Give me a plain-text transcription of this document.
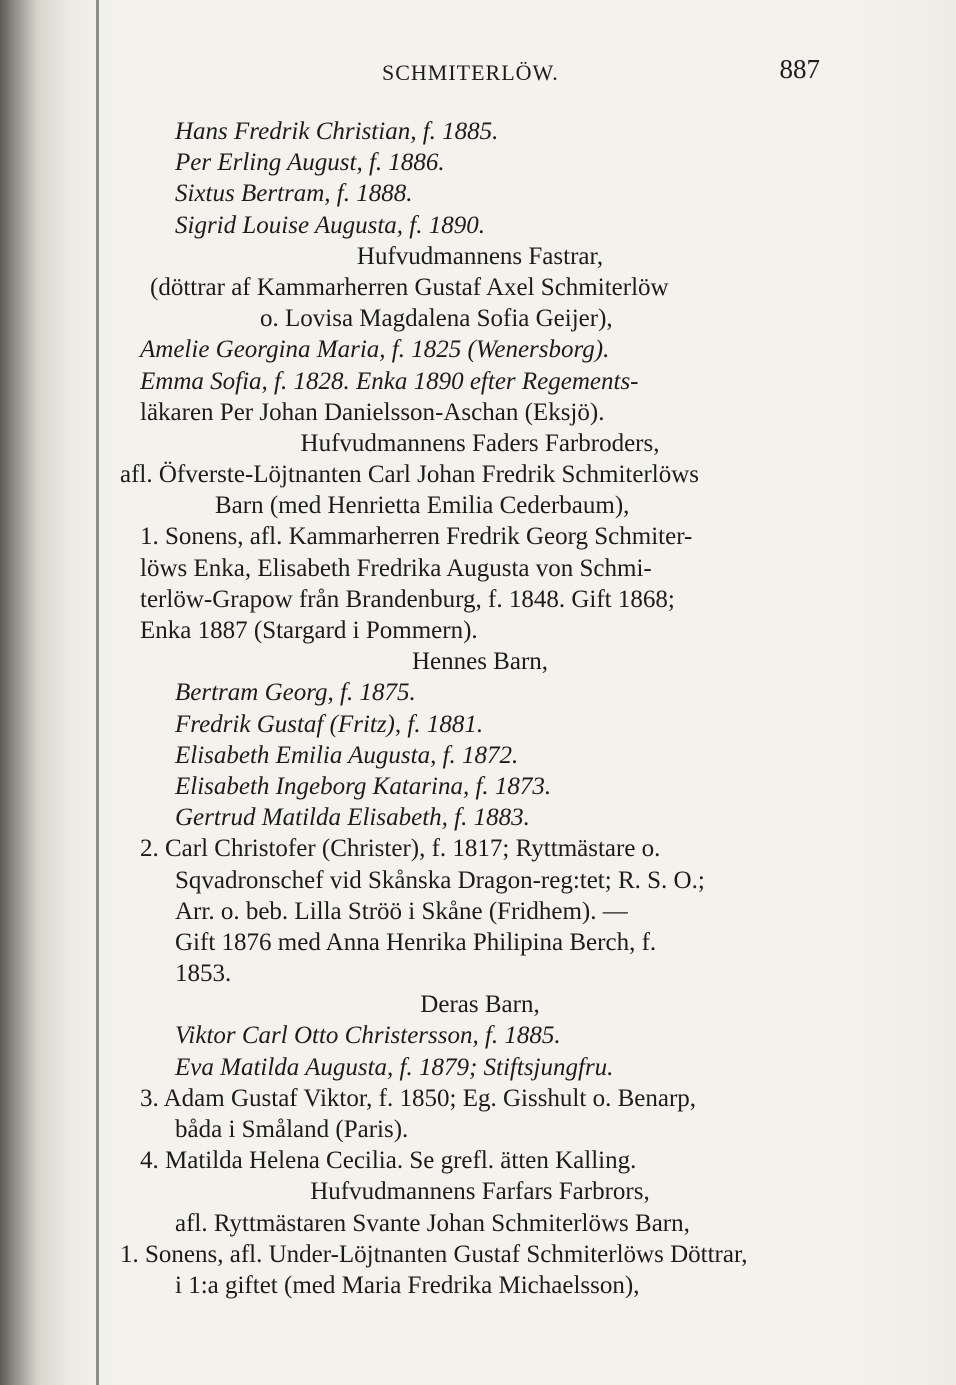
SCHMITERLÖW.	887
Hans Fredrik Christian, f. 1885.
Per Erling August, f. 1886.
Sixtus Bertram, f. 1888.
Sigrid Louise Augusta, f. 1890.
Hufvudmannens Fastrar,
(döttrar af Kammarherren Gustaf Axel Schmiterlöw
o. Lovisa Magdalena Sofia Geijer),
Amelie Georgina Maria, f. 1825 (Wenersborg).
Emma Sofia, f. 1828. Enka 1890 efter Regements-
läkaren Per Johan Danielsson-Aschan (Eksjö).
Hufvudmannens Faders Farbroders,
afl. Öfverste-Löjtnanten Carl Johan Fredrik Schmiterlöws
Barn (med Henrietta Emilia Cederbaum),
1. Sonens, afl. Kammarherren Fredrik Georg Schmiter-
löws Enka, Elisabeth Fredrika Augusta von Schmi-
terlöw-Grapow från Brandenburg, f. 1848. Gift 1868;
Enka 1887 (Stargard i Pommern).
Hennes Barn,
Bertram Georg, f. 1875.
Fredrik Gustaf (Fritz), f. 1881.
Elisabeth Emilia Augusta, f. 1872.
Elisabeth Ingeborg Katarina, f. 1873.
Gertrud Matilda Elisabeth, f. 1883.
2. Carl Christofer (Christer), f. 1817; Ryttmästare o.
Sqvadronschef vid Skånska Dragon-reg:tet; R. S. O.;
Arr. o. beb. Lilla Ströö i Skåne (Fridhem). —
Gift 1876 med Anna Henrika Philipina Berch, f.
1853.
Deras Barn,
Viktor Carl Otto Christersson, f. 1885.
Eva Matilda Augusta, f. 1879; Stiftsjungfru.
3. Adam Gustaf Viktor, f. 1850; Eg. Gisshult o. Benarp,
båda i Småland (Paris).
4. Matilda Helena Cecilia. Se grefl. ätten Kalling.
Hufvudmannens Farfars Farbrors,
afl. Ryttmästaren Svante Johan Schmiterlöws Barn,
1. Sonens, afl. Under-Löjtnanten Gustaf Schmiterlöws Döttrar,
i 1:a giftet (med Maria Fredrika Michaelsson),
